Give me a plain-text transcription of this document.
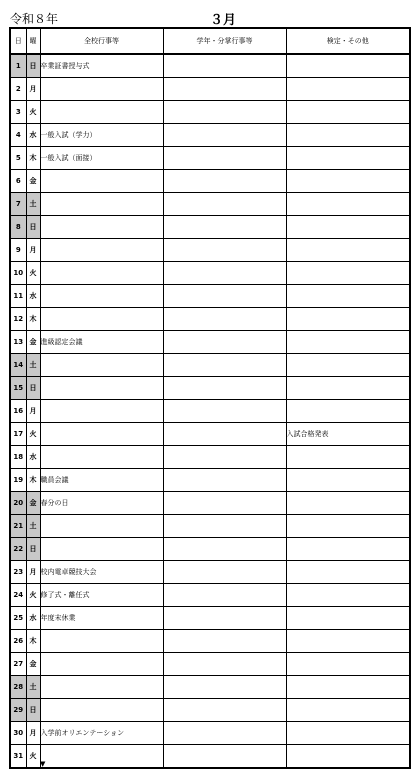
令和８年	３月
日	曜	全校行事等	学年・分掌行事等	検定・その他
1	日	卒業証書授与式		
2	月			
3	火			
4	水	一般入試（学力）		
5	木	一般入試（面接）		
6	金			
7	土			
8	日			
9	月			
10	火			
11	水			
12	木			
13	金	進級認定会議		
14	土			
15	日			
16	月			
17	火			入試合格発表
18	水			
19	木	職員会議		
20	金	春分の日		
21	土			
22	日			
23	月	校内電卓競技大会		
24	火	修了式・離任式		
25	水	年度末休業		
26	木			
27	金			
28	土			
29	日			
30	月	入学前オリエンテーション		
31	火			
▼
